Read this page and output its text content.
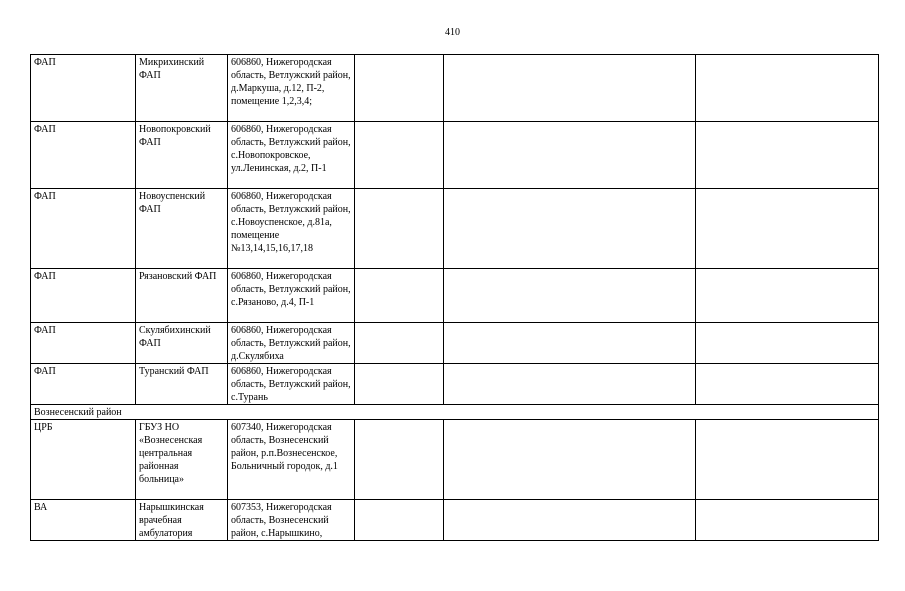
410
ФАП	Микрихинский ФАП	606860, Нижегородская область, Ветлужский район, д.Маркуша, д.12, П-2, помещение 1,2,3,4;			
ФАП	Новопокровский ФАП	606860, Нижегородская область, Ветлужский район, с.Новопокровское, ул.Ленинская, д.2, П-1			
ФАП	Новоуспенский ФАП	606860, Нижегородская область, Ветлужский район, с.Новоуспенское, д.81а, помещение №13,14,15,16,17,18			
ФАП	Рязановский ФАП	606860, Нижегородская область, Ветлужский район, с.Рязаново, д.4, П-1			
ФАП	Скулябихинский ФАП	606860, Нижегородская область, Ветлужский район, д.Скулябиха			
ФАП	Туранский ФАП	606860, Нижегородская область, Ветлужский район, с.Турань			
Вознесенский район					
ЦРБ	ГБУЗ НО «Вознесенская центральная районная больница»	607340, Нижегородская область, Вознесенский район, р.п.Вознесенское, Больничный городок, д.1			
ВА	Нарышкинская врачебная амбулатория	607353, Нижегородская область, Вознесенский район, с.Нарышкино,			
